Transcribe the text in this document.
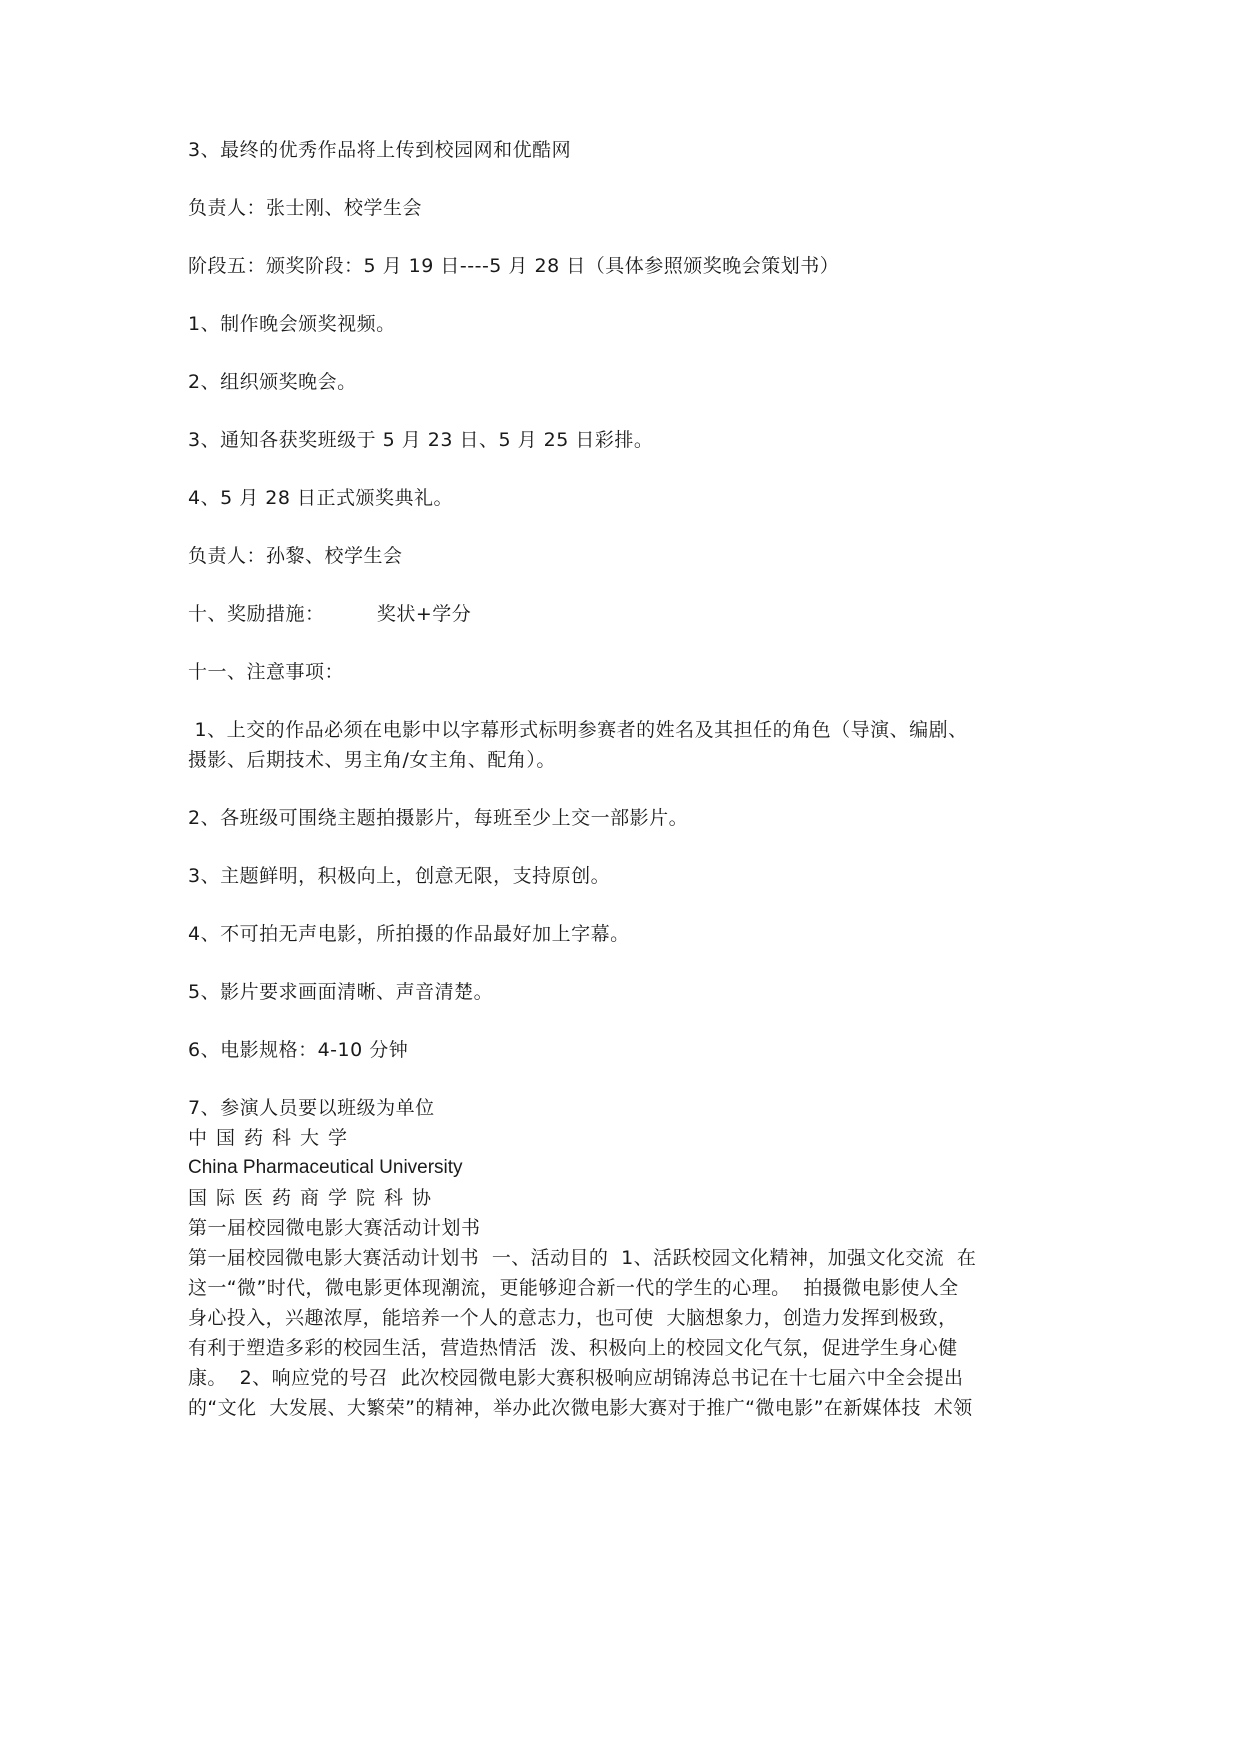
3、最终的优秀作品将上传到校园网和优酷网
负责人：张士刚、校学生会
阶段五：颁奖阶段：5 月 19 日----5 月 28 日（具体参照颁奖晚会策划书）
1、制作晚会颁奖视频。
2、组织颁奖晚会。
3、通知各获奖班级于 5 月 23 日、5 月 25 日彩排。
4、5 月 28 日正式颁奖典礼。
负责人：孙黎、校学生会
十、奖励措施：        奖状+学分
十一、注意事项：
1、上交的作品必须在电影中以字幕形式标明参赛者的姓名及其担任的角色（导演、编剧、
摄影、后期技术、男主角/女主角、配角）。
2、各班级可围绕主题拍摄影片，每班至少上交一部影片。
3、主题鲜明，积极向上，创意无限，支持原创。
4、不可拍无声电影，所拍摄的作品最好加上字幕。
5、影片要求画面清晰、声音清楚。
6、电影规格：4-10 分钟
7、参演人员要以班级为单位
中国药科大学
China Pharmaceutical University
国际医药商学院科协
第一届校园微电影大赛活动计划书
第一届校园微电影大赛活动计划书  一、活动目的  1、活跃校园文化精神，加强文化交流  在
这一“微”时代，微电影更体现潮流，更能够迎合新一代的学生的心理。  拍摄微电影使人全
身心投入，兴趣浓厚，能培养一个人的意志力，也可使  大脑想象力，创造力发挥到极致，
有利于塑造多彩的校园生活，营造热情活  泼、积极向上的校园文化气氛，促进学生身心健
康。  2、响应党的号召  此次校园微电影大赛积极响应胡锦涛总书记在十七届六中全会提出
的“文化  大发展、大繁荣”的精神，举办此次微电影大赛对于推广“微电影”在新媒体技  术领
